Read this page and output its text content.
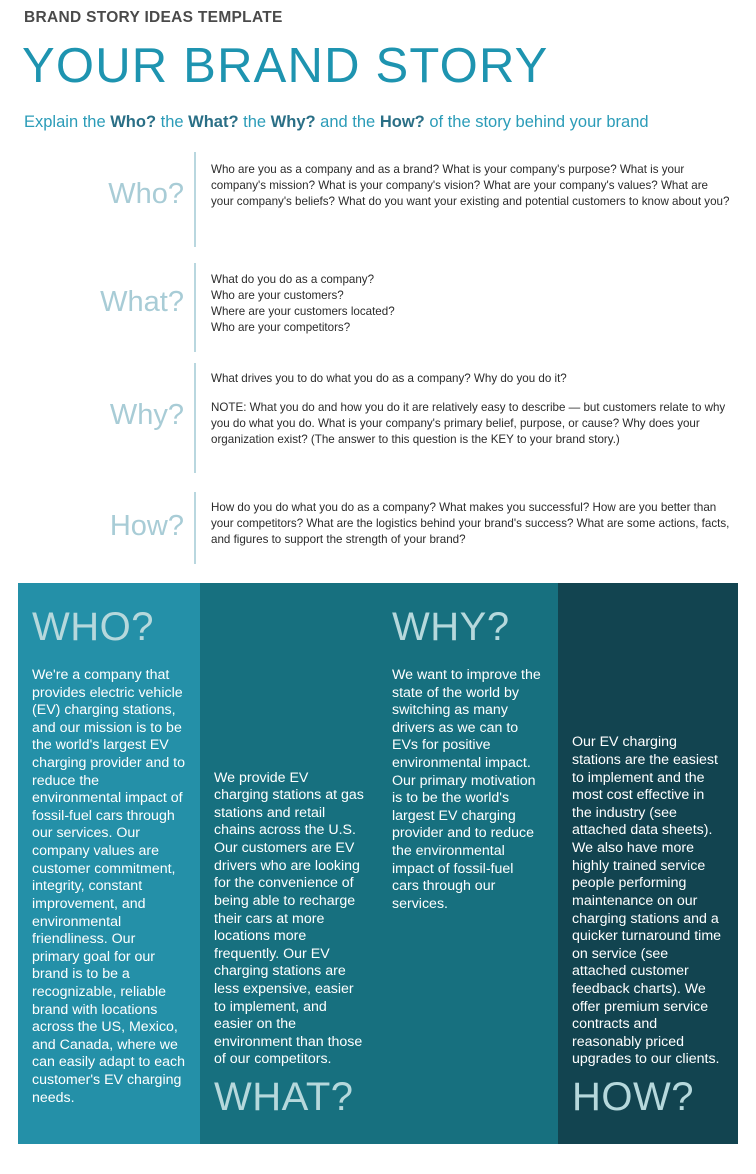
BRAND STORY IDEAS TEMPLATE
YOUR BRAND STORY
Explain the Who? the What? the Why? and the How? of the story behind your brand
Who?

Who are you as a company and as a brand? What is your company's purpose? What is your company's mission? What is your company's vision? What are your company's values? What are your company's beliefs? What do you want your existing and potential customers to know about you?

What?

What do you do as a company?

Who are your customers?

Where are your customers located?

Who are your competitors?

Why?

What drives you to do what you do as a company? Why do you do it?

NOTE: What you do and how you do it are relatively easy to describe — but customers relate to why you do what you do. What is your company's primary belief, purpose, or cause? Why does your organization exist? (The answer to this question is the KEY to your brand story.)

How?

How do you do what you do as a company? What makes you successful? How are you better than your competitors? What are the logistics behind your brand's success? What are some actions, facts, and figures to support the strength of your brand?

WHO?
We're a company that provides electric vehicle (EV) charging stations, and our mission is to be the world's largest EV charging provider and to reduce the environmental impact of fossil-fuel cars through our services. Our company values are customer commitment, integrity, constant improvement, and environmental friendliness. Our primary goal for our brand is to be a recognizable, reliable brand with locations across the US, Mexico, and Canada, where we can easily adapt to each customer's EV charging needs.
We provide EV charging stations at gas stations and retail chains across the U.S. Our customers are EV drivers who are looking for the convenience of being able to recharge their cars at more locations more frequently. Our EV charging stations are less expensive, easier to implement, and easier on the environment than those of our competitors.
WHAT?
WHY?
We want to improve the state of the world by switching as many drivers as we can to EVs for positive environmental impact. Our primary motivation is to be the world's largest EV charging provider and to reduce the environmental impact of fossil-fuel cars through our services.
Our EV charging stations are the easiest to implement and the most cost effective in the industry (see attached data sheets). We also have more highly trained service people performing maintenance on our charging stations and a quicker turnaround time on service (see attached customer feedback charts). We offer premium service contracts and reasonably priced upgrades to our clients.
HOW?
